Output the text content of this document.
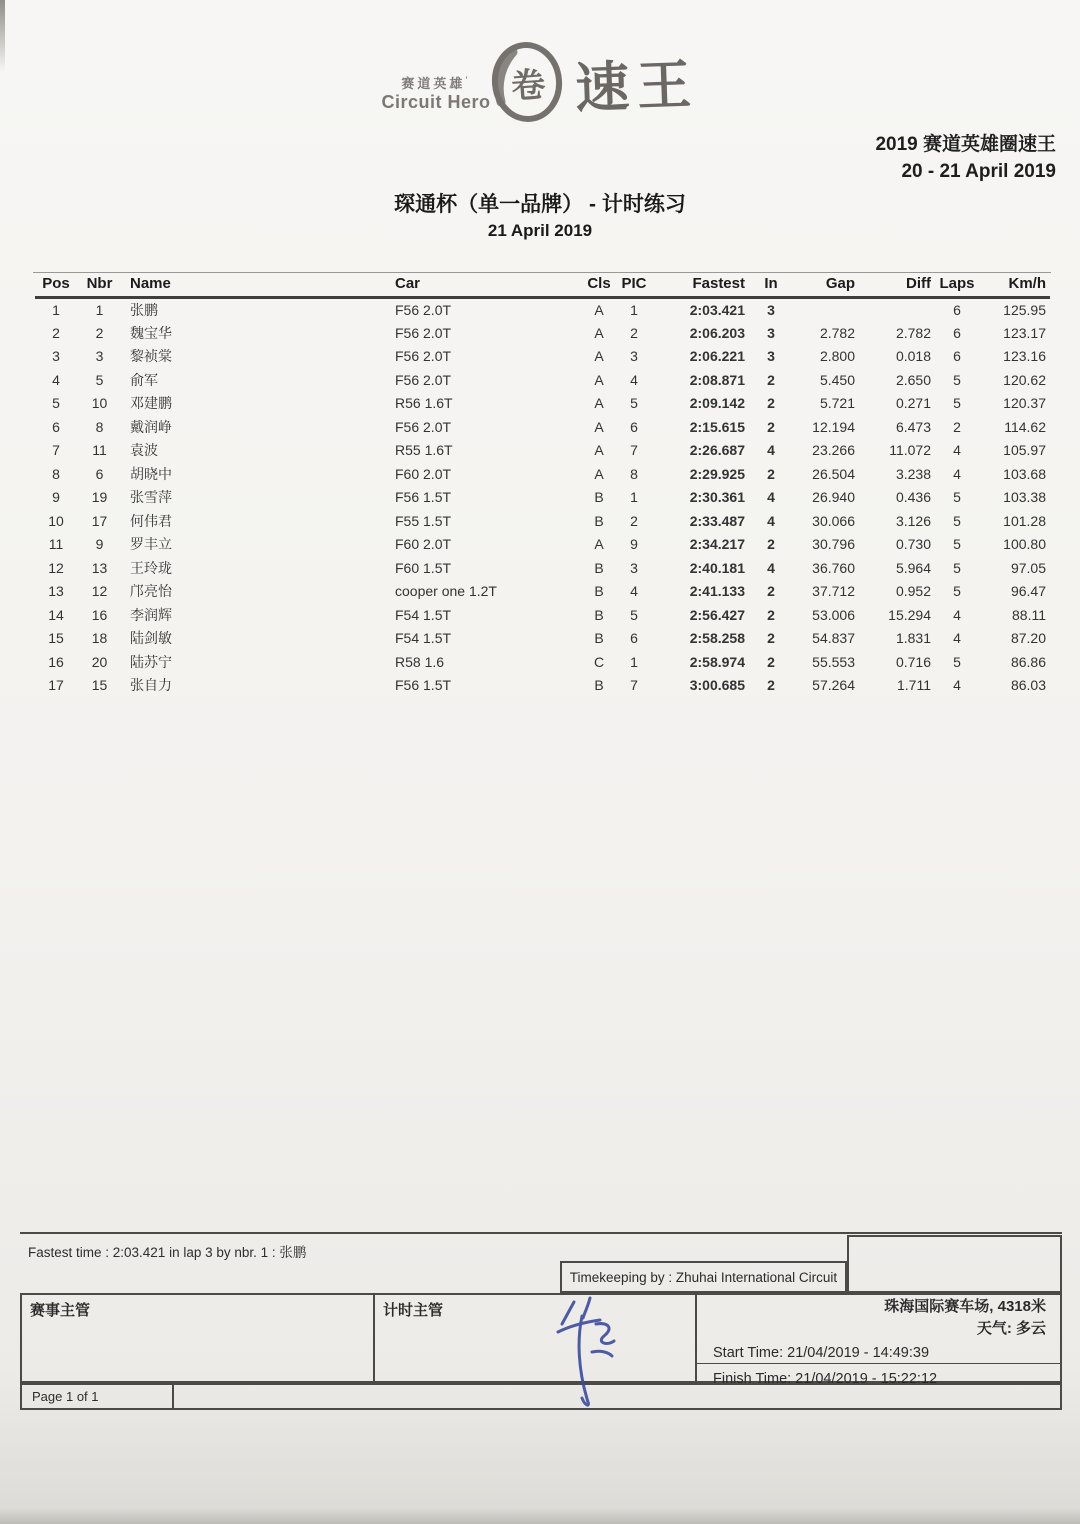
赛道英雄’
Circuit Hero 卷 速王
2019 赛道英雄圈速王
20 - 21 April 2019
琛通杯（单一品牌） - 计时练习
21 April 2019
Pos	Nbr	Name	Car	Cls	PIC	Fastest	In	Gap	Diff	Laps	Km/h
1	1	张鹏	F56 2.0T	A	1	2:03.421	3			6	125.95
2	2	魏宝华	F56 2.0T	A	2	2:06.203	3	2.782	2.782	6	123.17
3	3	黎祯棠	F56 2.0T	A	3	2:06.221	3	2.800	0.018	6	123.16
4	5	俞军	F56 2.0T	A	4	2:08.871	2	5.450	2.650	5	120.62
5	10	邓建鹏	R56 1.6T	A	5	2:09.142	2	5.721	0.271	5	120.37
6	8	戴润峥	F56 2.0T	A	6	2:15.615	2	12.194	6.473	2	114.62
7	11	袁波	R55 1.6T	A	7	2:26.687	4	23.266	11.072	4	105.97
8	6	胡晓中	F60 2.0T	A	8	2:29.925	2	26.504	3.238	4	103.68
9	19	张雪萍	F56 1.5T	B	1	2:30.361	4	26.940	0.436	5	103.38
10	17	何伟君	F55 1.5T	B	2	2:33.487	4	30.066	3.126	5	101.28
11	9	罗丰立	F60 2.0T	A	9	2:34.217	2	30.796	0.730	5	100.80
12	13	王玲珑	F60 1.5T	B	3	2:40.181	4	36.760	5.964	5	97.05
13	12	邝亮怡	cooper one 1.2T	B	4	2:41.133	2	37.712	0.952	5	96.47
14	16	李润辉	F54 1.5T	B	5	2:56.427	2	53.006	15.294	4	88.11
15	18	陆剑敏	F54 1.5T	B	6	2:58.258	2	54.837	1.831	4	87.20
16	20	陆苏宁	R58 1.6	C	1	2:58.974	2	55.553	0.716	5	86.86
17	15	张自力	F56 1.5T	B	7	3:00.685	2	57.264	1.711	4	86.03
Fastest time : 2:03.421 in lap 3 by nbr. 1 : 张鹏
Timekeeping by : Zhuhai International Circuit
赛事主管	计时主管	珠海国际赛车场, 4318米
天气: 多云
Start Time: 21/04/2019 - 14:49:39
Finish Time: 21/04/2019 - 15:22:12
Page 1 of 1
